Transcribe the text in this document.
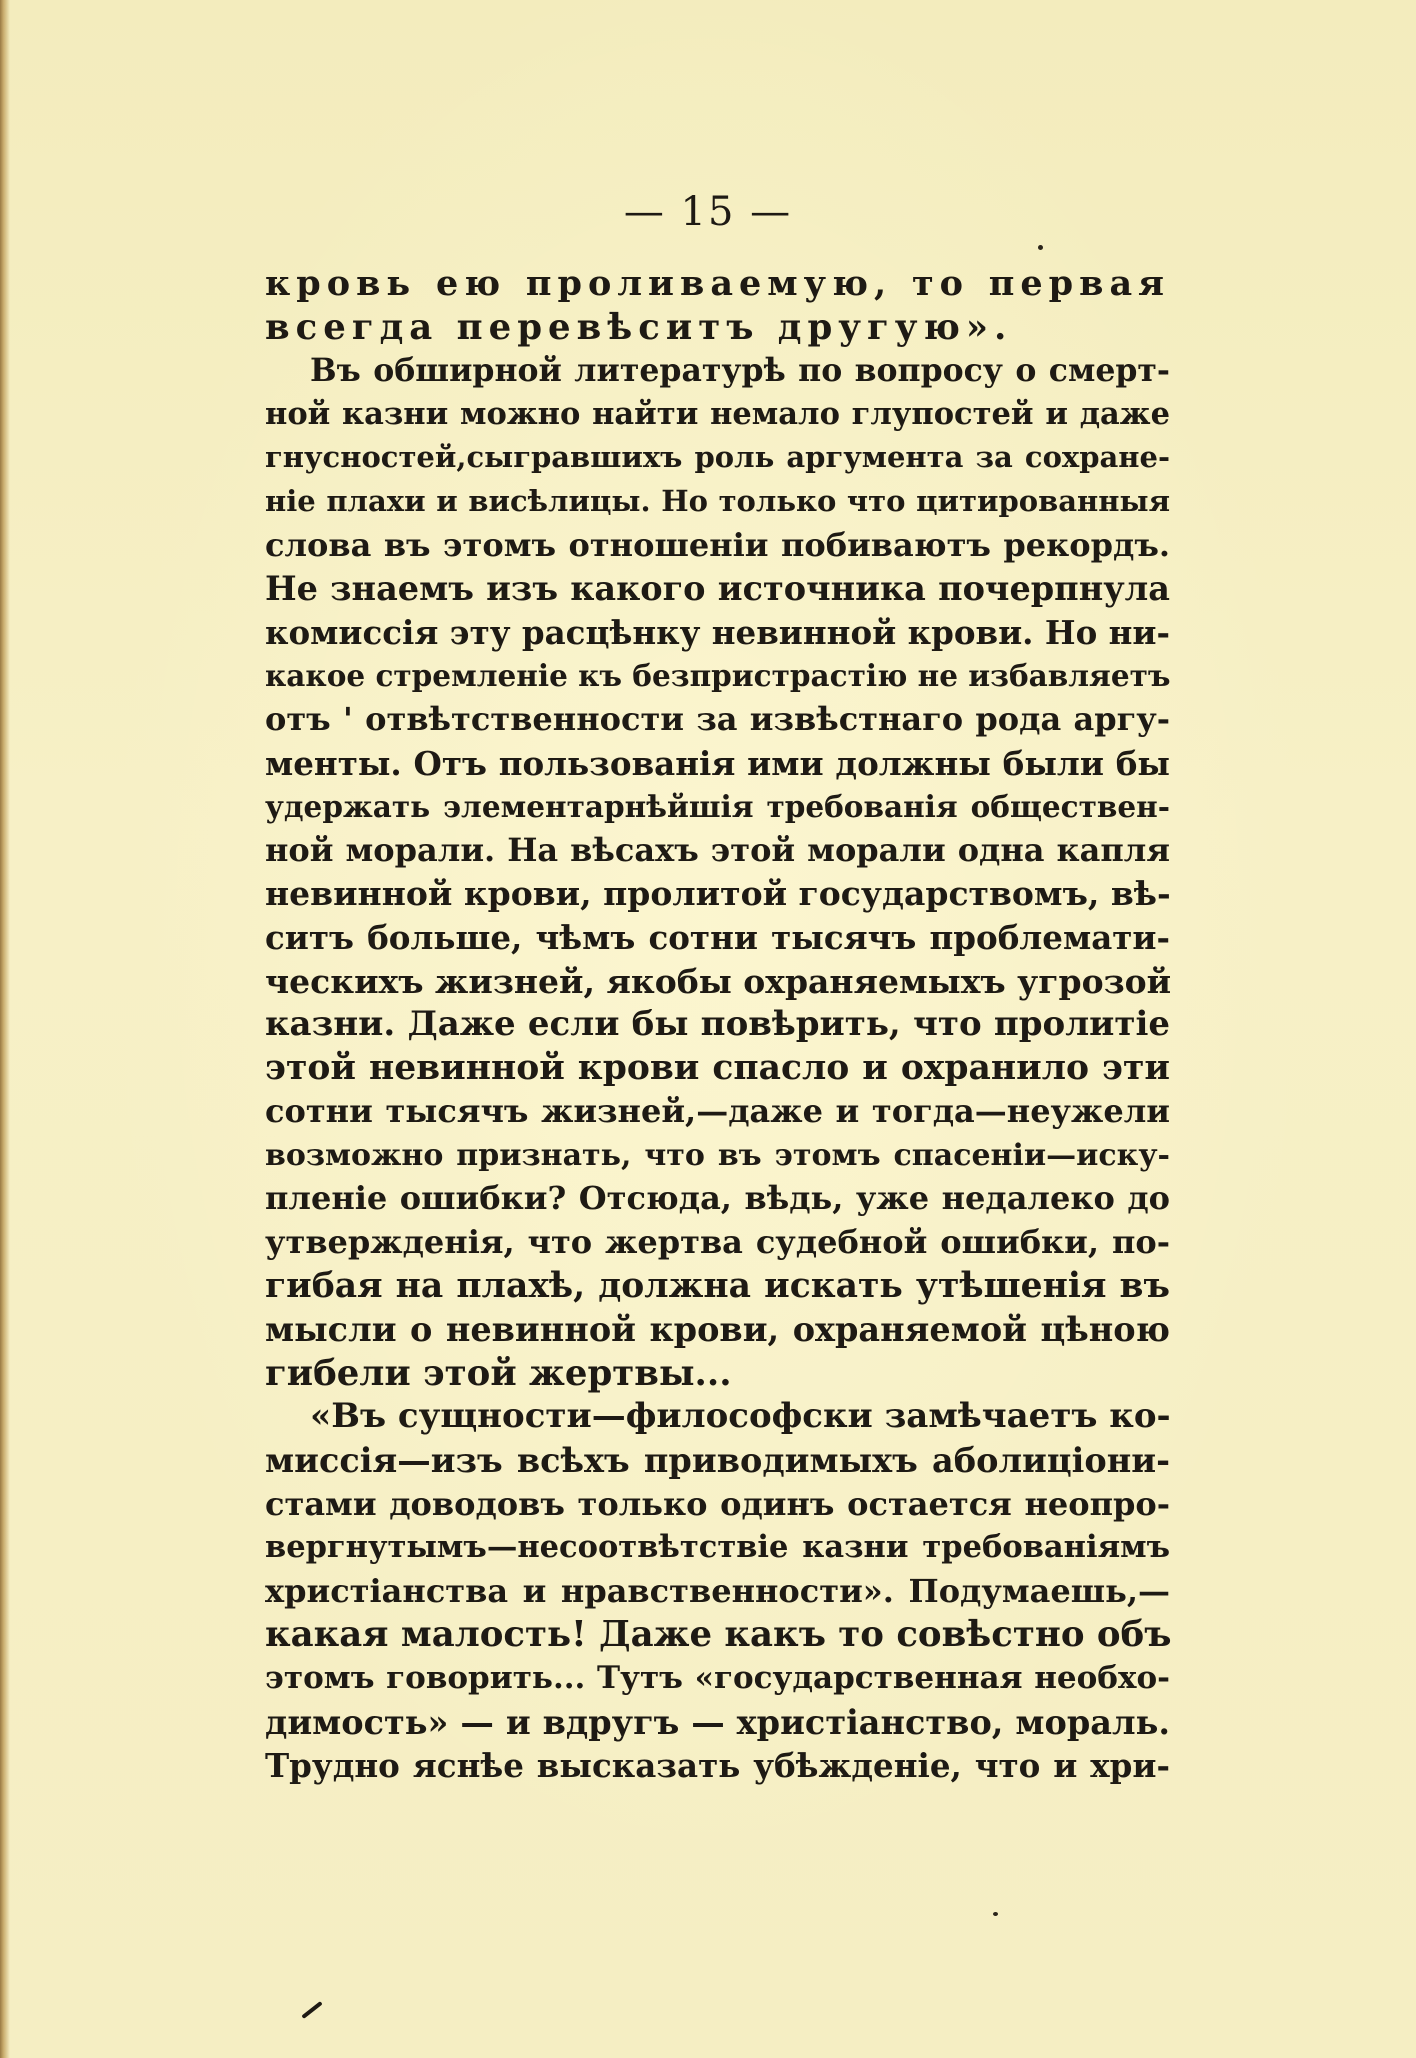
— 15 —
кровь ею проливаемую, то первая
всегда перевѣситъ другую».
Въ обширной литературѣ по вопросу о смерт-
ной казни можно найти немало глупостей и даже
гнусностей,сыгравшихъ роль аргумента за сохране-
ніе плахи и висѣлицы. Но только что цитированныя
слова въ этомъ отношеніи побиваютъ рекордъ.
Не знаемъ изъ какого источника почерпнула
комиссія эту расцѣнку невинной крови. Но ни-
какое стремленіе къ безпристрастію не избавляетъ
отъ ' отвѣтственности за извѣстнаго рода аргу-
менты. Отъ пользованія ими должны были бы
удержать элементарнѣйшія требованія обществен-
ной морали. На вѣсахъ этой морали одна капля
невинной крови, пролитой государствомъ, вѣ-
ситъ больше, чѣмъ сотни тысячъ проблемати-
ческихъ жизней, якобы охраняемыхъ угрозой
казни. Даже если бы повѣрить, что пролитіе
этой невинной крови спасло и охранило эти
сотни тысячъ жизней,—даже и тогда—неужели
возможно признать, что въ этомъ спасеніи—иску-
пленіе ошибки? Отсюда, вѣдь, уже недалеко до
утвержденія, что жертва судебной ошибки, по-
гибая на плахѣ, должна искать утѣшенія въ
мысли о невинной крови, охраняемой цѣною
гибели этой жертвы...
«Въ сущности—философски замѣчаетъ ко-
миссія—изъ всѣхъ приводимыхъ аболиціони-
стами доводовъ только одинъ остается неопро-
вергнутымъ—несоотвѣтствіе казни требованіямъ
христіанства и нравственности». Подумаешь,—
какая малость! Даже какъ то совѣстно объ
этомъ говорить... Тутъ «государственная необхо-
димость» — и вдругъ — христіанство, мораль.
Трудно яснѣе высказать убѣжденіе, что и хри-
